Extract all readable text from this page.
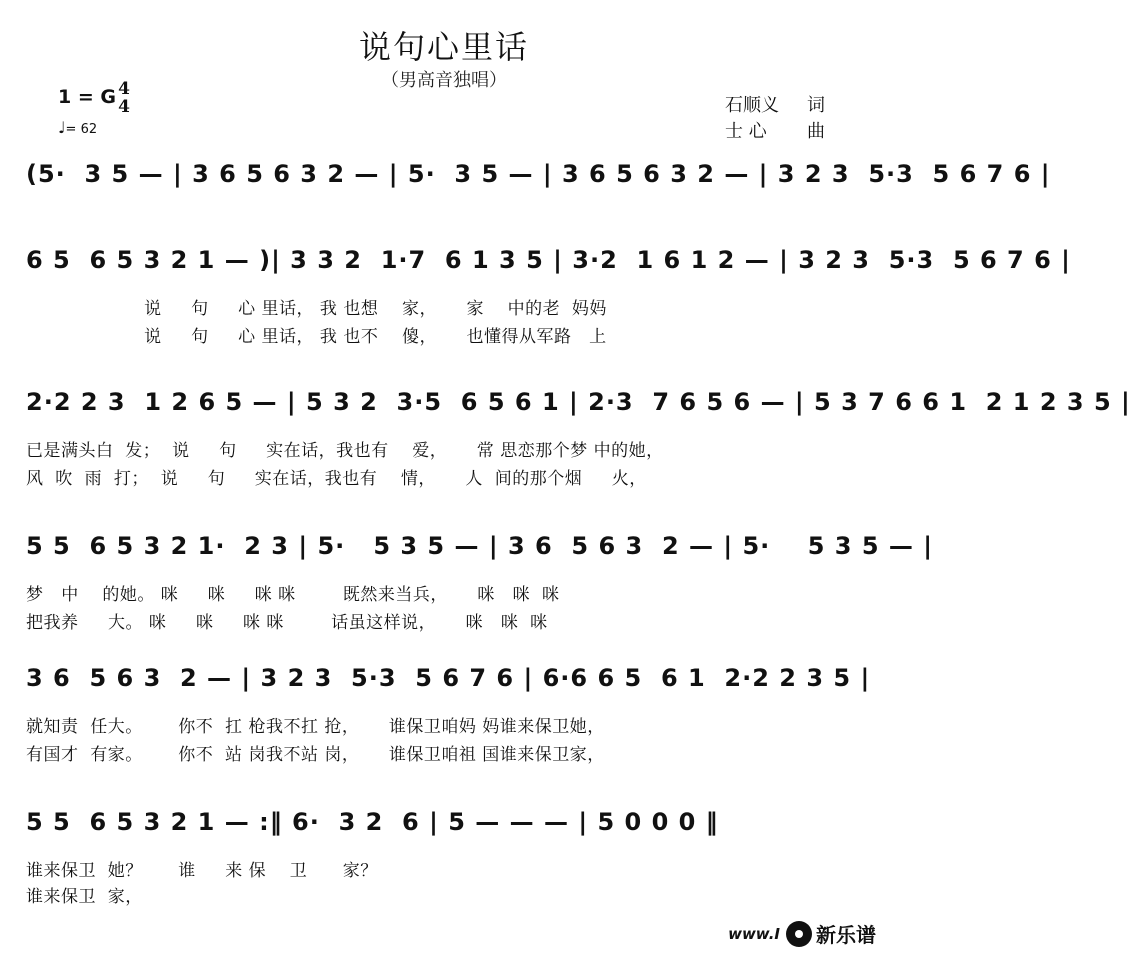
说句心里话
（男高音独唱）
1 = G 4
4
♩= 62
石顺义 词
士 心 曲
(5·  3 5 — | 3 6 5 6 3 2 — | 5·  3 5 — | 3 6 5 6 3 2 — | 3 2 3  5·3  5 6 7 6 |
6 5  6 5 3 2 1 — )| 3 3 2  1·7  6 1 3 5 | 3·2  1 6 1 2 — | 3 2 3  5·3  5 6 7 6 |
说     句     心 里话， 我 也想    家，     家    中的老  妈妈
说     句     心 里话， 我 也不    傻，     也懂得从军路   上
2·2 2 3  1 2 6 5 — | 5 3 2  3·5  6 5 6 1 | 2·3  7 6 5 6 — | 5 3 7 6 6 1  2 1 2 3 5 |
已是满头白  发；  说     句     实在话，我也有    爱，     常 思恋那个梦 中的她，
风  吹  雨  打；  说     句     实在话，我也有    情，     人  间的那个烟     火，
5 5  6 5 3 2 1·  2 3 | 5·   5 3 5 — | 3 6  5 6 3  2 — | 5·    5 3 5 — |
梦   中    的她。 咪     咪     咪 咪        既然来当兵，     咪   咪  咪
把我养     大。 咪     咪     咪 咪        话虽这样说，     咪   咪  咪
3 6  5 6 3  2 — | 3 2 3  5·3  5 6 7 6 | 6·6 6 5  6 1  2·2 2 3 5 |
就知责  任大。      你不  扛 枪我不扛 抢，     谁保卫咱妈 妈谁来保卫她，
有国才  有家。      你不  站 岗我不站 岗，     谁保卫咱祖 国谁来保卫家，
5 5  6 5 3 2 1 — :‖ 6·  3 2  6 | 5 — — — | 5 0 0 0 ‖
谁来保卫  她？      谁     来 保    卫      家？
谁来保卫  家，
www.I 新乐谱
